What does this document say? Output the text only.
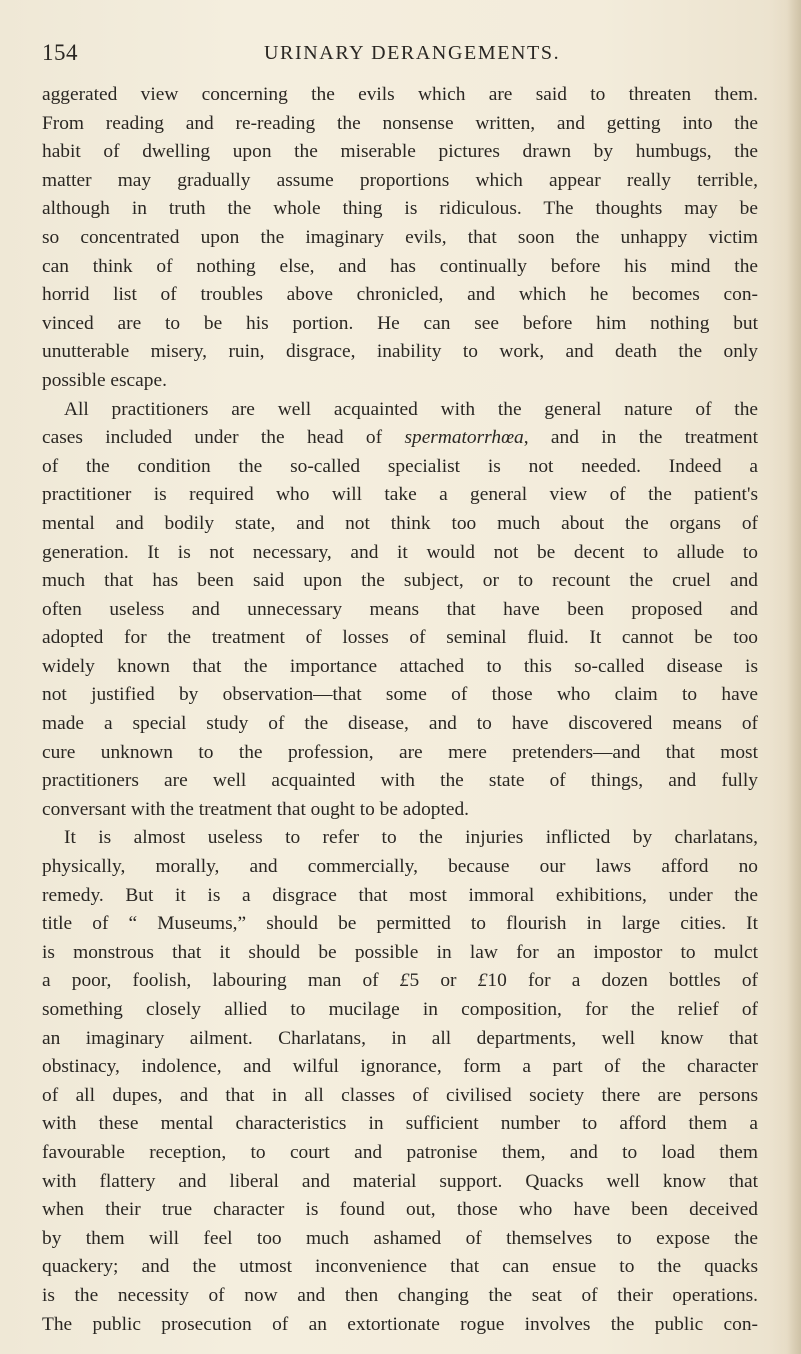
154	URINARY DERANGEMENTS.
aggerated view concerning the evils which are said to threaten them.
From reading and re-reading the nonsense written, and getting into the
habit of dwelling upon the miserable pictures drawn by humbugs, the
matter may gradually assume proportions which appear really terrible,
although in truth the whole thing is ridiculous. The thoughts may be
so concentrated upon the imaginary evils, that soon the unhappy victim
can think of nothing else, and has continually before his mind the
horrid list of troubles above chronicled, and which he becomes con-
vinced are to be his portion. He can see before him nothing but
unutterable misery, ruin, disgrace, inability to work, and death the only
possible escape.
All practitioners are well acquainted with the general nature of the
cases included under the head of spermatorrhœa, and in the treatment
of the condition the so-called specialist is not needed. Indeed a
practitioner is required who will take a general view of the patient's
mental and bodily state, and not think too much about the organs of
generation. It is not necessary, and it would not be decent to allude to
much that has been said upon the subject, or to recount the cruel and
often useless and unnecessary means that have been proposed and
adopted for the treatment of losses of seminal fluid. It cannot be too
widely known that the importance attached to this so-called disease is
not justified by observation—that some of those who claim to have
made a special study of the disease, and to have discovered means of
cure unknown to the profession, are mere pretenders—and that most
practitioners are well acquainted with the state of things, and fully
conversant with the treatment that ought to be adopted.
It is almost useless to refer to the injuries inflicted by charlatans,
physically, morally, and commercially, because our laws afford no
remedy. But it is a disgrace that most immoral exhibitions, under the
title of “ Museums,” should be permitted to flourish in large cities. It
is monstrous that it should be possible in law for an impostor to mulct
a poor, foolish, labouring man of £5 or £10 for a dozen bottles of
something closely allied to mucilage in composition, for the relief of
an imaginary ailment. Charlatans, in all departments, well know that
obstinacy, indolence, and wilful ignorance, form a part of the character
of all dupes, and that in all classes of civilised society there are persons
with these mental characteristics in sufficient number to afford them a
favourable reception, to court and patronise them, and to load them
with flattery and liberal and material support. Quacks well know that
when their true character is found out, those who have been deceived
by them will feel too much ashamed of themselves to expose the
quackery; and the utmost inconvenience that can ensue to the quacks
is the necessity of now and then changing the seat of their operations.
The public prosecution of an extortionate rogue involves the public con-
